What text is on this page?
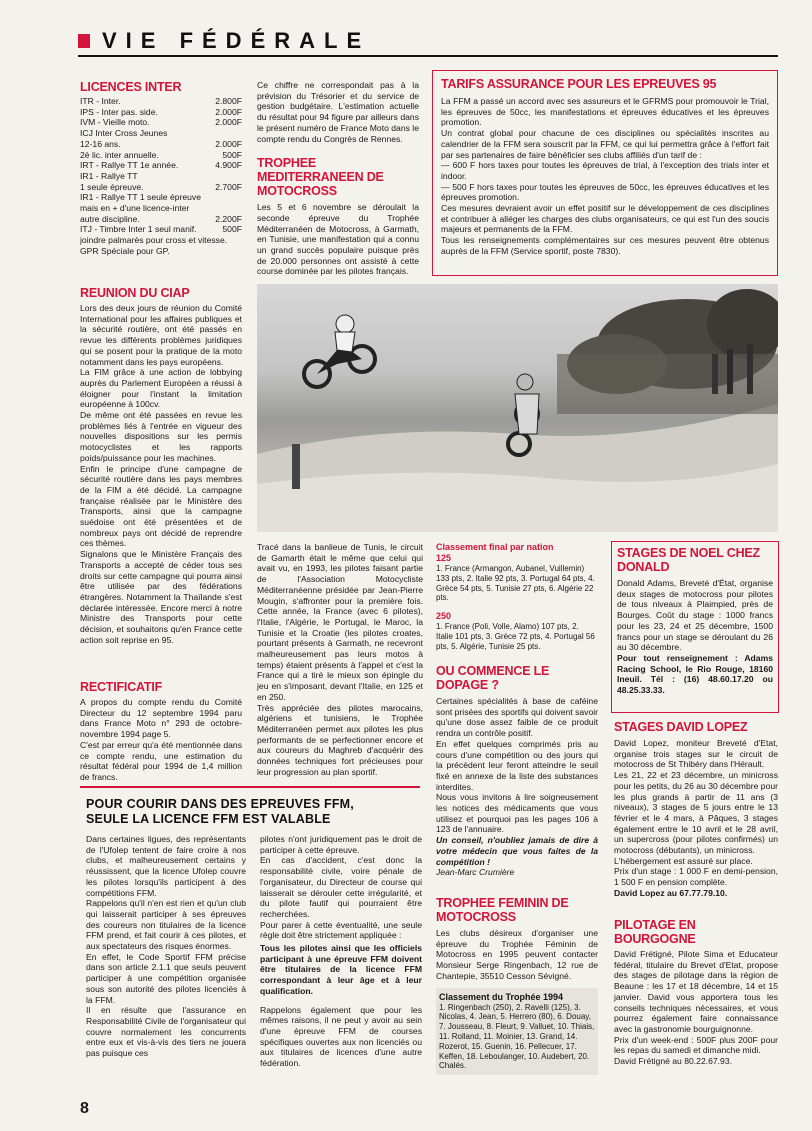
VIE FÉDÉRALE
LICENCES INTER
ITR - Inter.	2.800F
IPS - Inter pas. side.	2.000F
IVM - Vieille moto.	2.000F
ICJ Inter Cross Jeunes
12-16 ans.	2.000F
2è lic. inter annuelle.	500F
IRT - Rallye TT 1e année.	4.900F
IR1 - Rallye TT
1 seule épreuve.	2.700F
IR1 - Rallye TT 1 seule épreuve
mais en + d'une licence-inter
autre discipline.	2.200F
ITJ - Timbre Inter 1 seul manif.	500F
joindre palmarès pour cross et vitesse.
GPR Spéciale pour GP.
REUNION DU CIAP

Lors des deux jours de réunion du Comité International pour les affaires publiques et la sécurité routière, ont été passés en revue les différents problèmes juridiques qui se posent pour la pratique de la moto notamment dans les pays européens.
La FIM grâce à une action de lobbying auprès du Parlement Européen a réussi à éloigner pour l'instant la limitation européenne à 100cv.
De même ont été passées en revue les problèmes liés à l'entrée en vigueur des nouvelles dispositions sur les permis motocyclistes et les rapports poids/puissance pour les machines.
Enfin le principe d'une campagne de sécurité routière dans les pays membres de la FIM a été décidé. La campagne française réalisée par le Ministère des Transports, ainsi que la campagne suédoise ont été présentées et de nombreux pays ont décidé de reprendre ces thèmes.
Signalons que le Ministère Français des Transports a accepté de céder tous ses droits sur cette campagne qui pourra ainsi être utilisée par des fédérations étrangères. Notamment la Thaïlande s'est déclarée intéressée. Encore merci à notre Ministre des Transports pour cette décision, et souhaitons qu'en France cette action soit reprise en 95.

RECTIFICATIF

A propos du compte rendu du Comité Directeur du 12 septembre 1994 paru dans France Moto n° 293 de octobre-novembre 1994 page 5.
C'est par erreur qu'a été mentionnée dans ce compte rendu, une estimation du résultat fédéral pour 1994 de 1,4 million de francs.

Ce chiffre ne correspondait pas à la prévision du Trésorier et du service de gestion budgétaire. L'estimation actuelle du résultat pour 94 figure par ailleurs dans le présent numéro de France Moto dans le compte rendu du Congrès de Rennes.

TROPHEE MEDITERRANEEN DE MOTOCROSS

Les 5 et 6 novembre se déroulait la seconde épreuve du Trophée Méditerranéen de Motocross, à Garmath, en Tunisie, une manifestation qui a connu un grand succès populaire puisque près de 20.000 personnes ont assisté à cette course dominée par les pilotes français.

TARIFS ASSURANCE POUR LES EPREUVES 95

La FFM a passé un accord avec ses assureurs et le GFRMS pour promouvoir le Trial, les épreuves de 50cc, les manifestations et épreuves éducatives et les épreuves promotion.
Un contrat global pour chacune de ces disciplines ou spécialités inscrites au calendrier de la FFM sera souscrit par la FFM, ce qui lui permettra grâce à l'effort fait par ses partenaires de faire bénéficier ses clubs affiliés d'un tarif de :
— 600 F hors taxes pour toutes les épreuves de trial, à l'exception des trials inter et indoor.
— 500 F hors taxes pour toutes les épreuves de 50cc, les épreuves éducatives et les épreuves promotion.
Ces mesures devraient avoir un effet positif sur le développement de ces disciplines et contribuer à alléger les charges des clubs organisateurs, ce qui est l'un des soucis majeurs et permanents de la FFM.
Tous les renseignements complémentaires sur ces mesures peuvent être obtenus auprès de la FFM (Service sportif, poste 7830).

Tracé dans la banlieue de Tunis, le circuit de Gamarth était le même que celui qui avait vu, en 1993, les pilotes faisant partie de l'Association Motocycliste Méditerranéenne présidée par Jean-Pierre Mougin, s'affronter pour la première fois. Cette année, la France (avec 6 pilotes), l'Italie, l'Algérie, le Portugal, le Maroc, la Tunisie et la Croatie (les pilotes croates, pourtant présents à Garmath, ne recevront malheureusement pas leurs motos à temps) étaient présents à l'appel et c'est la France qui a tiré le mieux son épingle du jeu en s'imposant, devant l'Italie, en 125 et en 250.
Très appréciée des pilotes marocains, algériens et tunisiens, le Trophée Méditerranéen permet aux pilotes les plus performants de se perfectionner encore et aux coureurs du Maghreb d'acquérir des données techniques fort précieuses pour leur progression au plan sportif.

Classement final par nation

125

1. France (Armangon, Aubanel, Vuillemin) 133 pts, 2. Italie 92 pts, 3. Portugal 64 pts, 4. Grèce 54 pts, 5. Tunisie 27 pts, 6. Algérie 22 pts.

250

1. France (Poli, Volle, Alamo) 107 pts, 2. Italie 101 pts, 3. Grèce 72 pts, 4. Portugal 56 pts, 5. Algérie, Tunisie 25 pts.

OU COMMENCE LE DOPAGE ?

Certaines spécialités à base de caféine sont prisées des sportifs qui doivent savoir qu'une dose assez faible de ce produit rendra un contrôle positif.
En effet quelques comprimés pris au cours d'une compétition ou des jours qui la précèdent leur feront atteindre le seuil fixé en annexe de la liste des substances interdites.
Nous vous invitons à lire soigneusement les notices des médicaments que vous utilisez et pourquoi pas les pages 106 à 123 de l'annuaire.

Un conseil, n'oubliez jamais de dire à votre médecin que vous faites de la compétition !

Jean-Marc Crumière

TROPHEE FEMININ DE MOTOCROSS

Les clubs désireux d'organiser une épreuve du Trophée Féminin de Motocross en 1995 peuvent contacter Monsieur Serge Ringenbach, 12 rue de Chantepie, 35510 Cesson Sévigné.

Classement du Trophée 1994

1. Ringenbach (250), 2. Ravelli (125), 3. Nicolas, 4. Jean, 5. Herrero (80), 6. Douay, 7. Jousseau, 8. Fleurt, 9. Valluet, 10. Thiais, 11. Rolland, 11. Moinier, 13. Grand, 14. Rozerot, 15. Guenin, 16. Pellecuer, 17. Keffen, 18. Leboulanger, 10. Audebert, 20. Chalés.

STAGES DE NOEL CHEZ DONALD

Donald Adams, Breveté d'État, organise deux stages de motocross pour pilotes de tous niveaux à Plaimpied, près de Bourges. Coût du stage : 1000 francs pour les 23, 24 et 25 décembre, 1500 francs pour un stage se déroulant du 26 au 30 décembre.

Pour tout renseignement : Adams Racing School, le Rio Rouge, 18160 Ineuil. Tél : (16) 48.60.17.20 ou 48.25.33.33.

STAGES DAVID LOPEZ

David Lopez, moniteur Breveté d'Etat, organise trois stages sur le circuit de motocross de St Thibéry dans l'Hérault.
Les 21, 22 et 23 décembre, un minicross pour les petits, du 26 au 30 décembre pour les plus grands à partir de 11 ans (3 niveaux), 3 stages de 5 jours entre le 13 février et le 4 mars, à Pâques, 3 stages également entre le 10 avril et le 28 avril, un supercross (pour pilotes confirmés) un motocross (débutants), un minicross.
L'hébergement est assuré sur place.
Prix d'un stage : 1 000 F en demi-pension, 1 500 F en pension complète.

David Lopez au 67.77.79.10.

PILOTAGE EN BOURGOGNE

David Frétigné, Pilote Sima et Educateur fédéral, titulaire du Brevet d'Etat, propose des stages de pilotage dans la région de Beaune : les 17 et 18 décembre, 14 et 15 janvier. David vous apportera tous les conseils techniques nécessaires, et vous pourrez également faire connaissance avec la gastronomie bourguignonne.
Prix d'un week-end : 500F plus 200F pour les repas du samedi et dimanche midi.
David Frétigné au 80.22.67.93.

POUR COURIR DANS DES EPREUVES FFM,
SEULE LA LICENCE FFM EST VALABLE

Dans certaines ligues, des représentants de l'Ufolep tentent de faire croire à nos clubs, et malheureusement certains y réussissent, que la licence Ufolep couvre les pilotes lorsqu'ils participent à des compétitions FFM.
Rappelons qu'il n'en est rien et qu'un club qui laisserait participer à ses épreuves des coureurs non titulaires de la licence FFM prend, et fait courir à ces pilotes, et aux spectateurs des risques énormes.
En effet, le Code Sportif FFM précise dans son article 2.1.1 que seuls peuvent participer à une compétition organisée sous son autorité des pilotes licenciés à la FFM.
Il en résulte que l'assurance en Responsabilité Civile de l'organisateur qui couvre normalement les concurrents entre eux et vis-à-vis des tiers ne jouera pas puisque ces

pilotes n'ont juridiquement pas le droit de participer à cette épreuve.
En cas d'accident, c'est donc la responsabilité civile, voire pénale de l'organisateur, du Directeur de course qui laisserait se dérouler cette irrégularité, et du pilote fautif qui pourraient être recherchées.
Pour parer à cette éventualité, une seule règle doit être strictement appliquée :

Tous les pilotes ainsi que les officiels participant à une épreuve FFM doivent être titulaires de la licence FFM correspondant à leur âge et à leur qualification.

Rappelons également que pour les mêmes raisons, il ne peut y avoir au sein d'une épreuve FFM de courses spécifiques ouvertes aux non licenciés ou aux titulaires de licences d'une autre fédération.

8
